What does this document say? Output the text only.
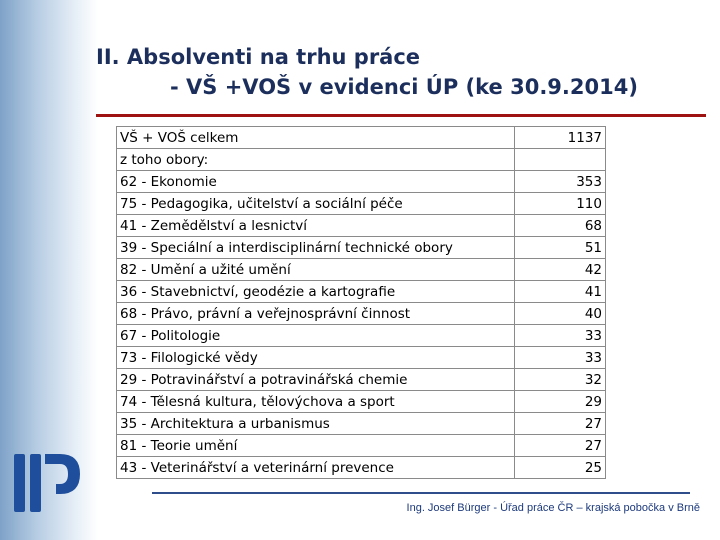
II. Absolventi na trhu práce
- VŠ +VOŠ v evidenci ÚP (ke 30.9.2014)
VŠ + VOŠ celkem	1137
z toho obory:	
62 - Ekonomie	353
75 - Pedagogika, učitelství a sociální péče	110
41 - Zemědělství a lesnictví	68
39 - Speciální a interdisciplinární technické obory	51
82 - Umění a užité umění	42
36 - Stavebnictví, geodézie a kartografie	41
68 - Právo, právní a veřejnosprávní činnost	40
67 - Politologie	33
73 - Filologické vědy	33
29 - Potravinářství a potravinářská chemie	32
74 - Tělesná kultura, tělovýchova a sport	29
35 - Architektura a urbanismus	27
81 - Teorie umění	27
43 - Veterinářství a veterinární prevence	25
Ing. Josef Bürger - Úřad práce ČR – krajská pobočka v Brně
